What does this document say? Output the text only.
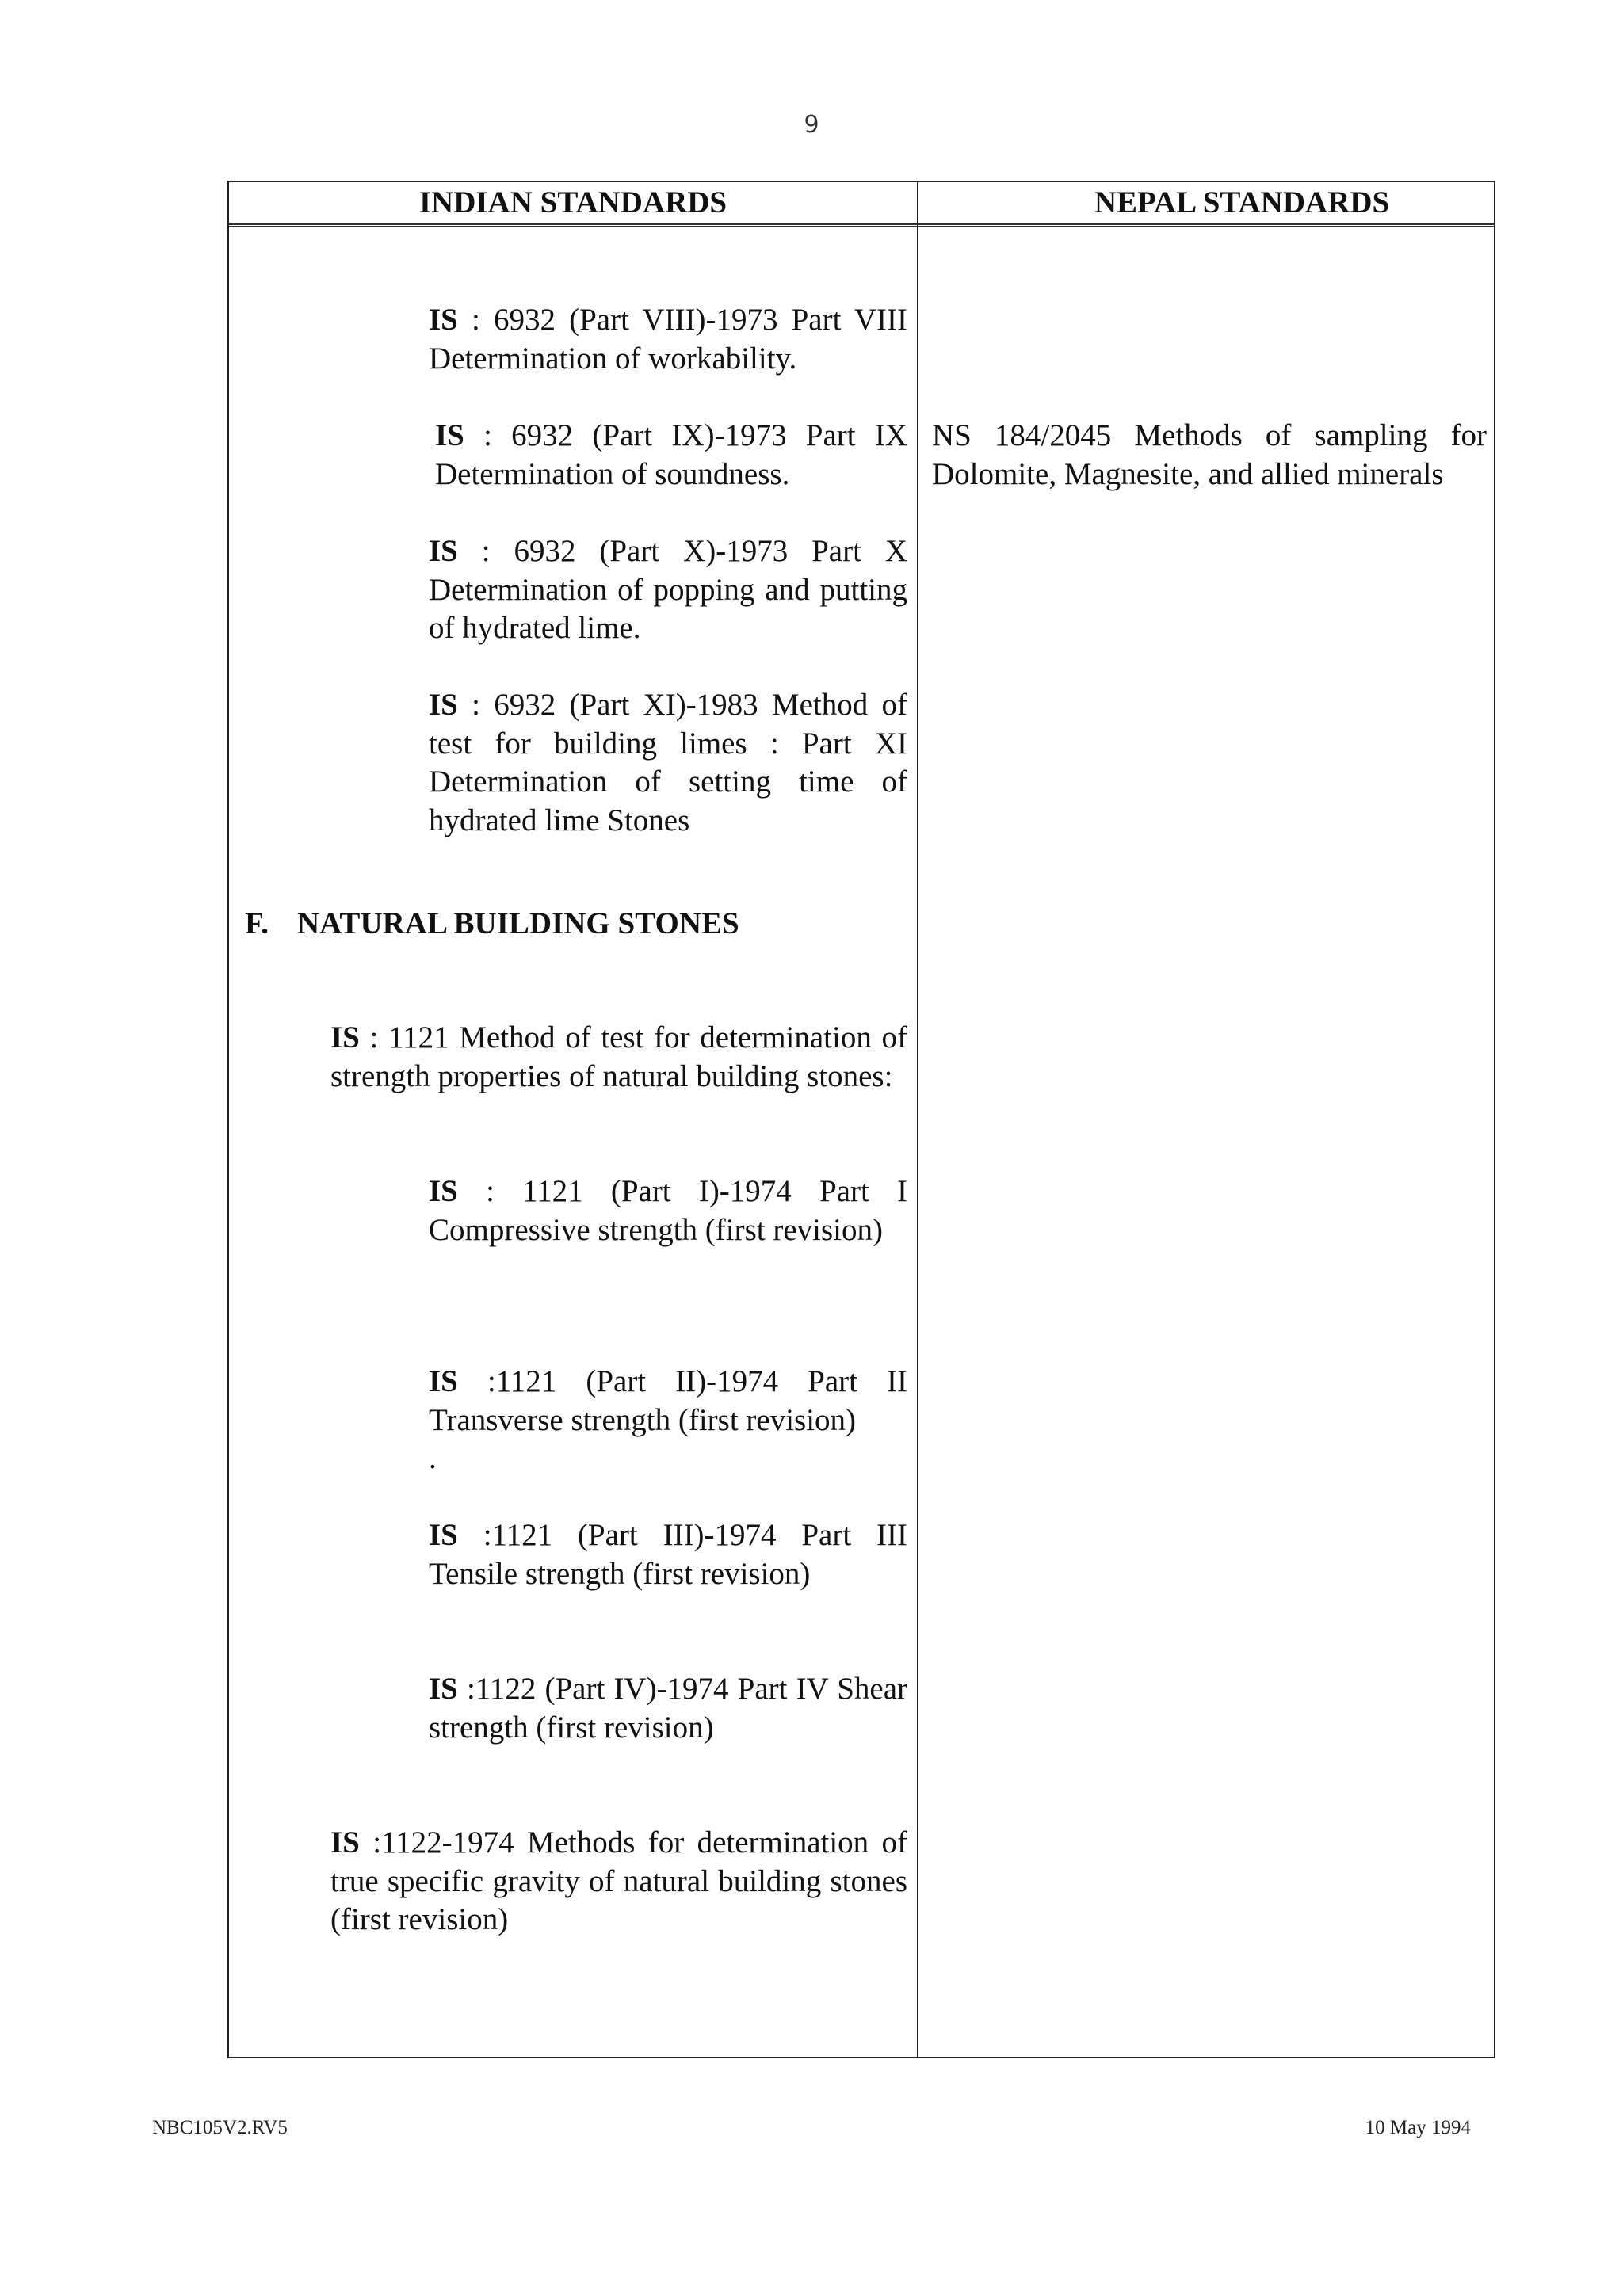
9
INDIAN STANDARDS	NEPAL STANDARDS
IS : 6932 (Part VIII)-1973 Part VIII Determination of workability.
IS : 6932 (Part IX)-1973 Part IX Determination of soundness.
IS : 6932 (Part X)-1973 Part X Determination of popping and putting of hydrated lime.
IS : 6932 (Part XI)-1983 Method of test for building limes : Part XI Determination of setting time of hydrated lime Stones
F. NATURAL BUILDING STONES
IS : 1121 Method of test for determination of strength properties of natural building stones:
IS : 1121 (Part I)-1974 Part I Compressive strength (first revision)
IS :1121 (Part II)-1974 Part II Transverse strength (first revision)
.
IS :1121 (Part III)-1974 Part III Tensile strength (first revision)
IS :1122 (Part IV)-1974 Part IV Shear strength (first revision)
IS :1122-1974 Methods for determination of true specific gravity of natural building stones (first revision)
NS 184/2045 Methods of sampling for Dolomite, Magnesite, and allied minerals
NBC105V2.RV5	10 May 1994
